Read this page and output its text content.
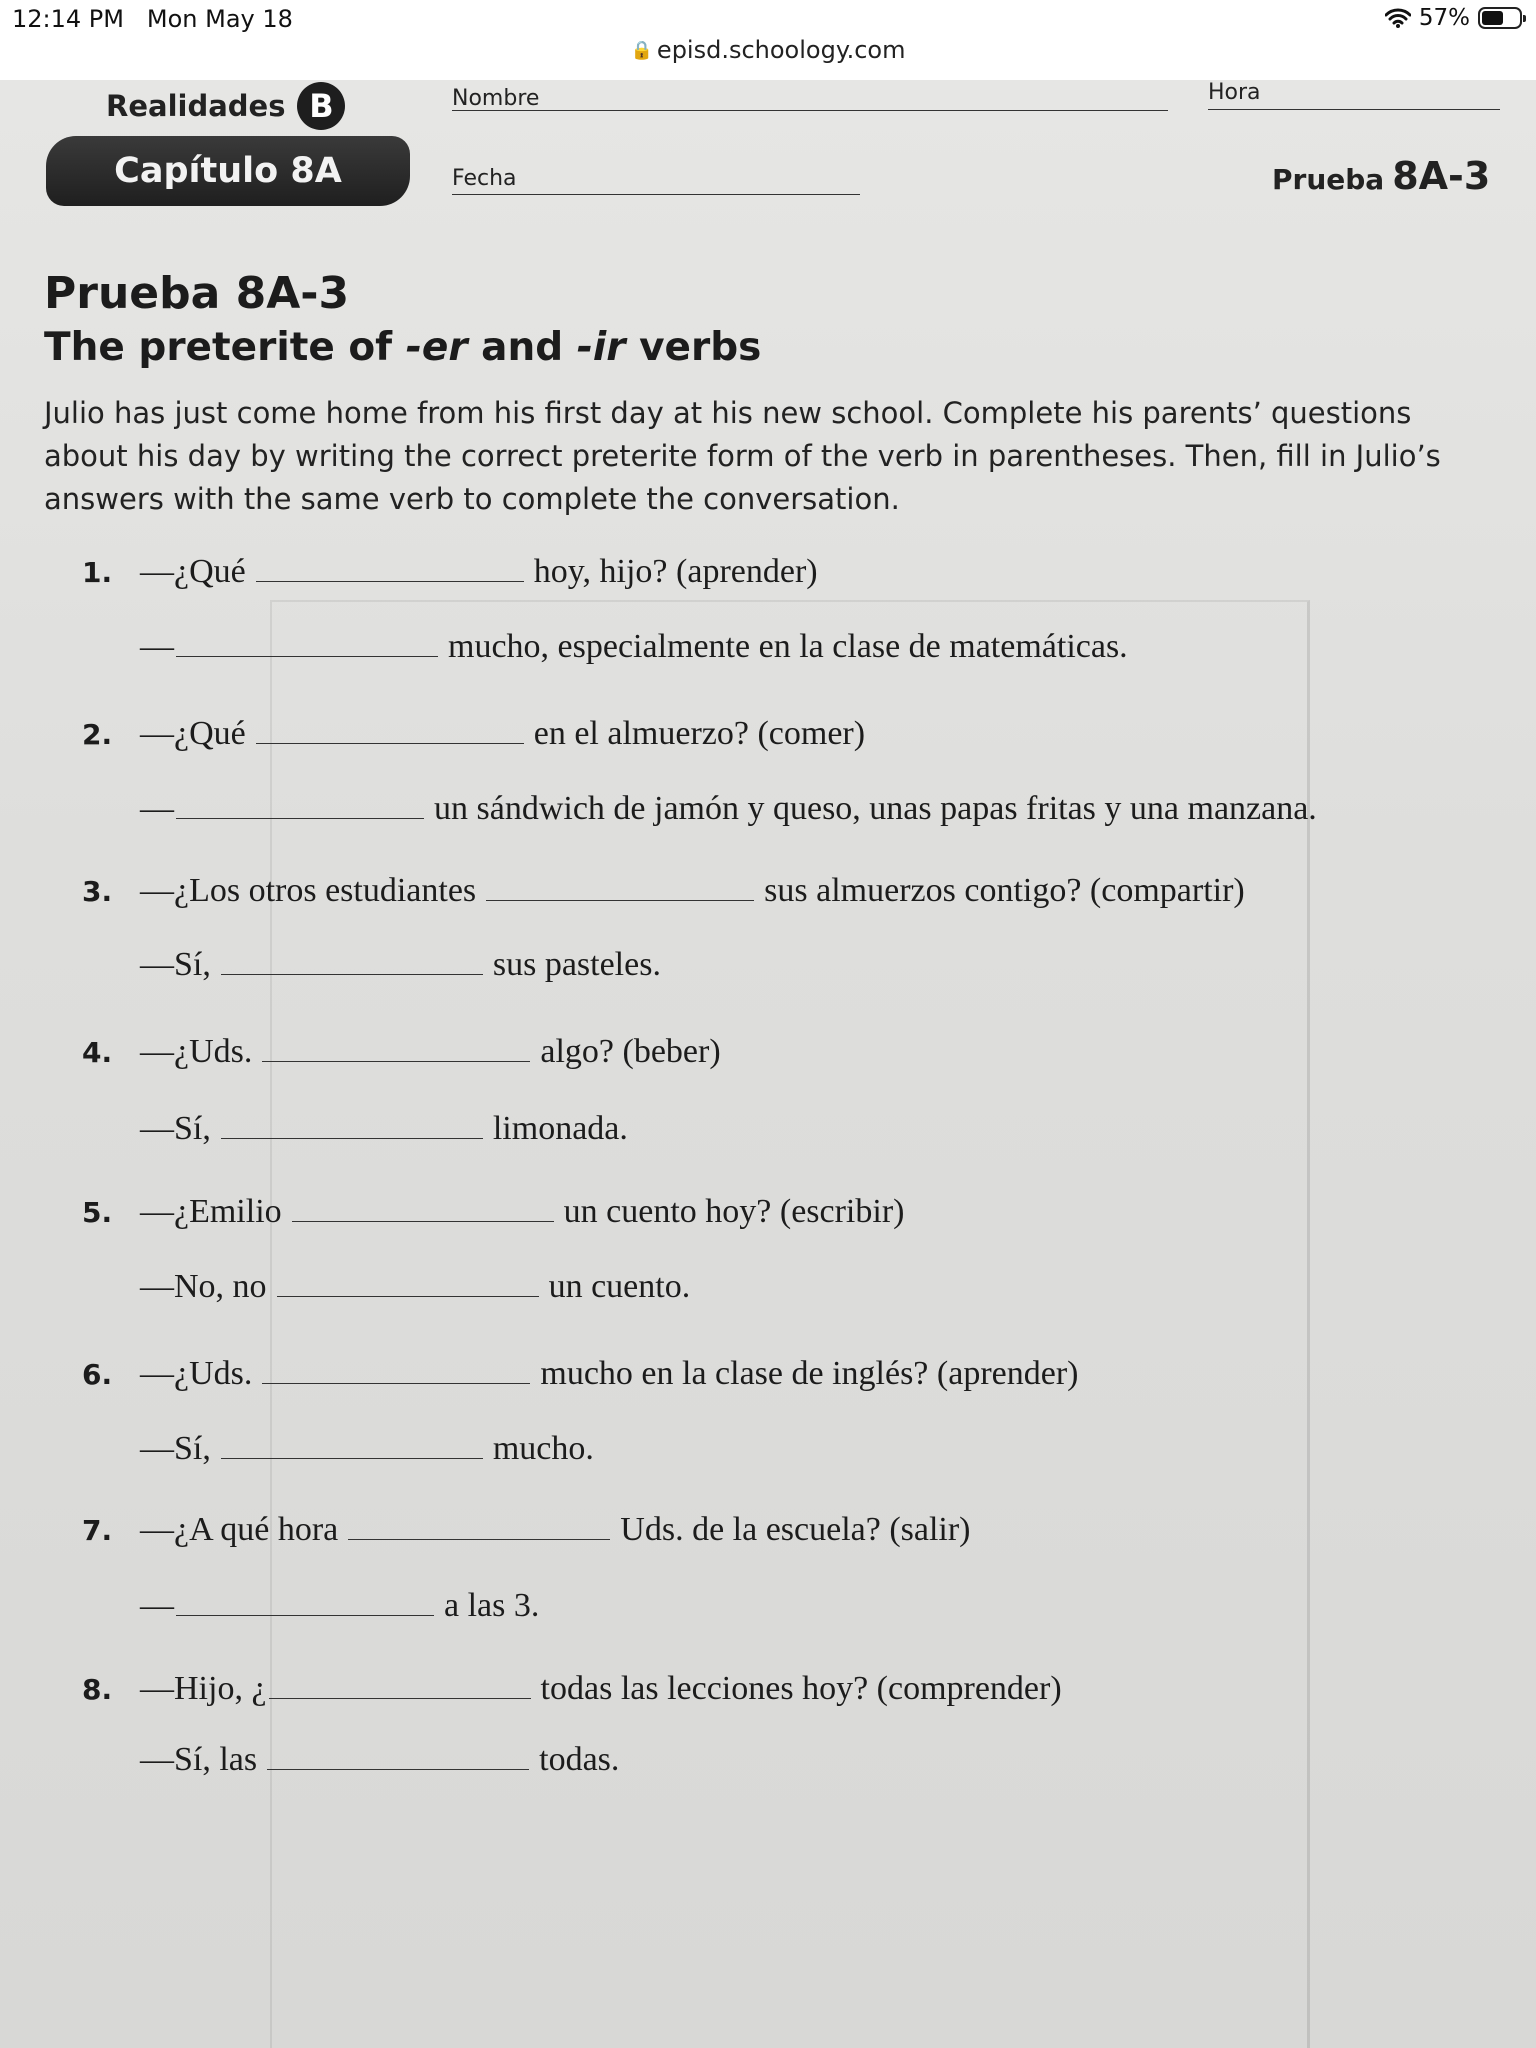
12:14 PM Mon May 18	57%
🔒 episd.schoology.com
Realidades B
Capítulo 8A
Nombre	Hora
Fecha	Prueba 8A-3
Prueba 8A-3
The preterite of -er and -ir verbs
Julio has just come home from his first day at his new school. Complete his parents’ questions about his day by writing the correct preterite form of the verb in parentheses. Then, fill in Julio’s answers with the same verb to complete the conversation.
1. —¿Qué	hoy, hijo? (aprender)
—	mucho, especialmente en la clase de matemáticas.
2. —¿Qué	en el almuerzo? (comer)
—	un sándwich de jamón y queso, unas papas fritas y una manzana.
3. —¿Los otros estudiantes	sus almuerzos contigo? (compartir)
—Sí,	sus pasteles.
4. —¿Uds.	algo? (beber)
—Sí,	limonada.
5. —¿Emilio	un cuento hoy? (escribir)
—No, no	un cuento.
6. —¿Uds.	mucho en la clase de inglés? (aprender)
—Sí,	mucho.
7. —¿A qué hora	Uds. de la escuela? (salir)
—	a las 3.
8. —Hijo, ¿	todas las lecciones hoy? (comprender)
—Sí, las	todas.
